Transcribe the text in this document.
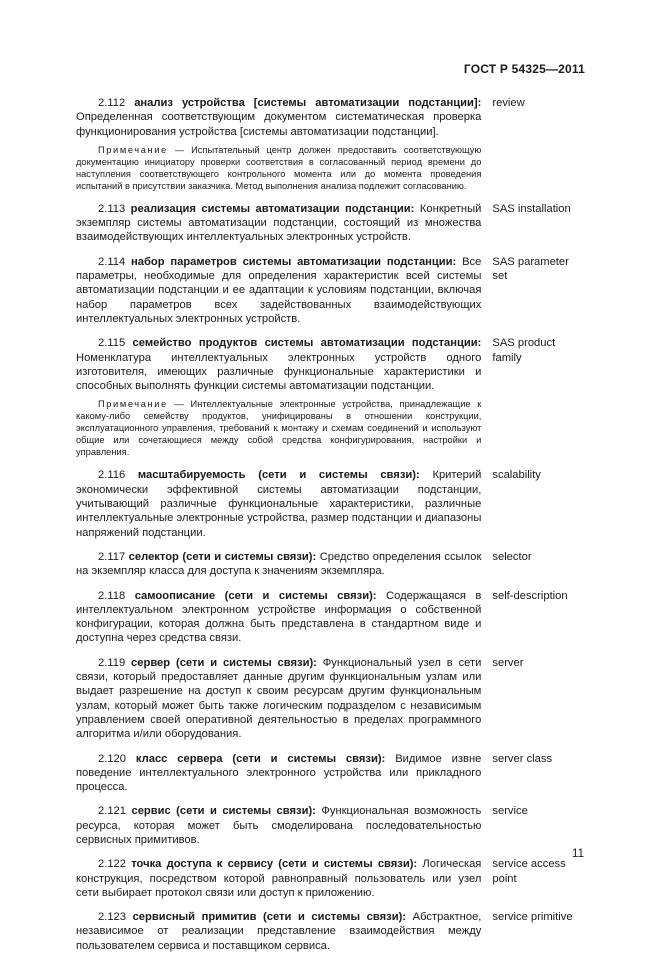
ГОСТ Р 54325—2011

2.112 анализ устройства [системы автоматизации подстанции]: Определенная соответствующим документом систематическая проверка функционирования устройства [системы автоматизации подстанции].

Примечание — Испытательный центр должен предоставить соответствующую документацию инициатору проверки соответствия в согласованный период времени до наступления соответствующего контрольного момента или до момента проведения испытаний в присутствии заказчика. Метод выполнения анализа подлежит согласованию.
review

2.113 реализация системы автоматизации подстанции: Конкретный экземпляр системы автоматизации подстанции, состоящий из множества взаимодействующих интеллектуальных электронных устройств.

SAS installation

2.114 набор параметров системы автоматизации подстанции: Все параметры, необходимые для определения характеристик всей системы автоматизации подстанции и ее адаптации к условиям подстанции, включая набор параметров всех задействованных взаимодействующих интеллектуальных электронных устройств.

SAS parameter set

2.115 семейство продуктов системы автоматизации подстанции: Номенклатура интеллектуальных электронных устройств одного изготовителя, имеющих различные функциональные характеристики и способных выполнять функции системы автоматизации подстанции.

Примечание — Интеллектуальные электронные устройства, принадлежащие к какому-либо семейству продуктов, унифицированы в отношении конструкции, эксплуатационного управления, требований к монтажу и схемам соединений и используют общие или сочетающиеся между собой средства конфигурирования, настройки и управления.
SAS product family

2.116 масштабируемость (сети и системы связи): Критерий экономически эффективной системы автоматизации подстанции, учитывающий различные функциональные характеристики, различные интеллектуальные электронные устройства, размер подстанции и диапазоны напряжений подстанции.

scalability

2.117 селектор (сети и системы связи): Средство определения ссылок на экземпляр класса для доступа к значениям экземпляра.

selector

2.118 самоописание (сети и системы связи): Содержащаяся в интеллектуальном электронном устройстве информация о собственной конфигурации, которая должна быть представлена в стандартном виде и доступна через средства связи.

self-description

2.119 сервер (сети и системы связи): Функциональный узел в сети связи, который предоставляет данные другим функциональным узлам или выдает разрешение на доступ к своим ресурсам другим функциональным узлам, который может быть также логическим подразделом с независимым управлением своей оперативной деятельностью в пределах программного алгоритма и/или оборудования.

server

2.120 класс сервера (сети и системы связи): Видимое извне поведение интеллектуального электронного устройства или прикладного процесса.

server class

2.121 сервис (сети и системы связи): Функциональная возможность ресурса, которая может быть смоделирована последовательностью сервисных примитивов.

service

2.122 точка доступа к сервису (сети и системы связи): Логическая конструкция, посредством которой равноправный пользователь или узел сети выбирает протокол связи или доступ к приложению.

service access point

2.123 сервисный примитив (сети и системы связи): Абстрактное, независимое от реализации представление взаимодействия между пользователем сервиса и поставщиком сервиса.

service primitive
11
